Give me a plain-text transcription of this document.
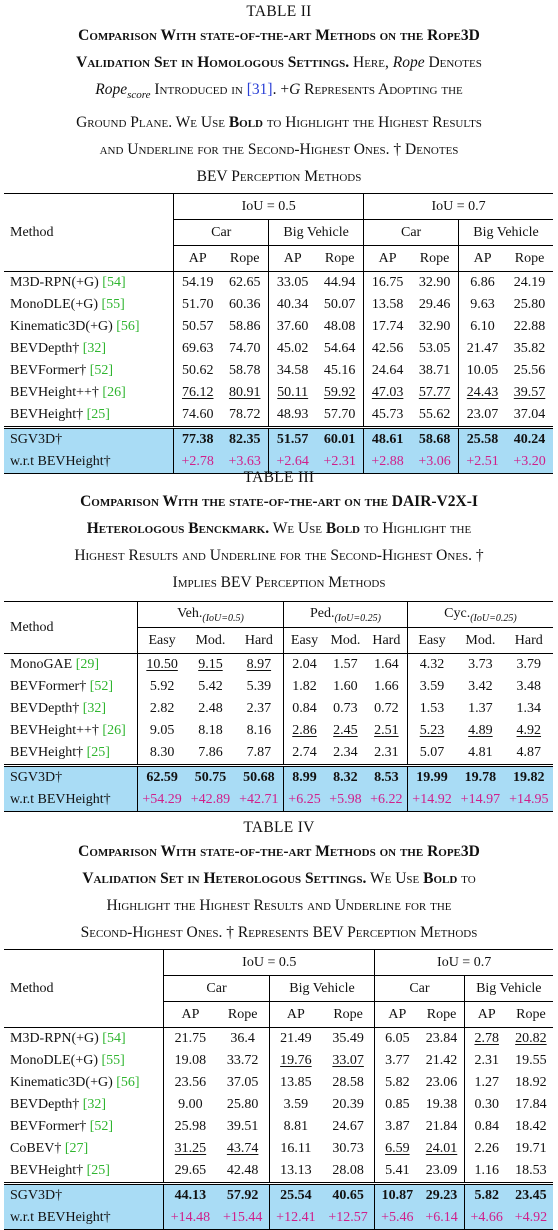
TABLE II
Comparison With state-of-the-art Methods on the Rope3D
Validation Set in Homologous Settings. Here, Rope Denotes
Rope$_{score}$ Introduced in [31]. +G Represents Adopting the
Ground Plane. We Use Bold to Highlight the Highest Results
and Underline for the Second-Highest Ones. † Denotes
BEV Perception Methods
Method	IoU = 0.5				IoU = 0.7			
	Car		Big Vehicle		Car		Big Vehicle	
	AP	Rope	AP	Rope	AP	Rope	AP	Rope
M3D-RPN(+G) [54]	54.19	62.65	33.05	44.94	16.75	32.90	6.86	24.19
MonoDLE(+G) [55]	51.70	60.36	40.34	50.07	13.58	29.46	9.63	25.80
Kinematic3D(+G) [56]	50.57	58.86	37.60	48.08	17.74	32.90	6.10	22.88
BEVDepth† [32]	69.63	74.70	45.02	54.64	42.56	53.05	21.47	35.82
BEVFormer† [52]	50.62	58.78	34.58	45.16	24.64	38.71	10.05	25.56
BEVHeight++† [26]	76.12	80.91	50.11	59.92	47.03	57.77	24.43	39.57
BEVHeight† [25]	74.60	78.72	48.93	57.70	45.73	55.62	23.07	37.04
SGV3D†	77.38	82.35	51.57	60.01	48.61	58.68	25.58	40.24
w.r.t BEVHeight†	+2.78	+3.63	+2.64	+2.31	+2.88	+3.06	+2.51	+3.20
TABLE III
Comparison With the state-of-the-art on the DAIR-V2X-I
Heterologous Benckmark. We Use Bold to Highlight the
Highest Results and Underline for the Second-Highest Ones. †
Implies BEV Perception Methods
Method	$Veh._{(IoU=0.5)}$			$Ped._{(IoU=0.25)}$			$Cyc._{(IoU=0.25)}$
	Easy	Mod.	Hard	Easy	Mod.	Hard	Easy	Mod.	Hard
MonoGAE [29]	10.50	9.15	8.97	2.04	1.57	1.64	4.32	3.73	3.79
BEVFormer† [52]	5.92	5.42	5.39	1.82	1.60	1.66	3.59	3.42	3.48
BEVDepth† [32]	2.82	2.48	2.37	0.84	0.73	0.72	1.53	1.37	1.34
BEVHeight++† [26]	9.05	8.18	8.16	2.86	2.45	2.51	5.23	4.89	4.92
BEVHeight† [25]	8.30	7.86	7.87	2.74	2.34	2.31	5.07	4.81	4.87
SGV3D†	62.59	50.75	50.68	8.99	8.32	8.53	19.99	19.78	19.82
w.r.t BEVHeight†	+54.29	+42.89	+42.71	+6.25	+5.98	+6.22	+14.92	+14.97	+14.95
TABLE IV
Comparison With state-of-the-art Methods on the Rope3D
Validation Set in Heterologous Settings. We Use Bold to
Highlight the Highest Results and Underline for the
Second-Highest Ones. † Represents BEV Perception Methods
Method	IoU = 0.5				IoU = 0.7			
	Car		Big Vehicle		Car		Big Vehicle	
	AP	Rope	AP	Rope	AP	Rope	AP	Rope
M3D-RPN(+G) [54]	21.75	36.4	21.49	35.49	6.05	23.84	2.78	20.82
MonoDLE(+G) [55]	19.08	33.72	19.76	33.07	3.77	21.42	2.31	19.55
Kinematic3D(+G) [56]	23.56	37.05	13.85	28.58	5.82	23.06	1.27	18.92
BEVDepth† [32]	9.00	25.80	3.59	20.39	0.85	19.38	0.30	17.84
BEVFormer† [52]	25.98	39.51	8.81	24.67	3.87	21.84	0.84	18.42
CoBEV† [27]	31.25	43.74	16.11	30.73	6.59	24.01	2.26	19.71
BEVHeight† [25]	29.65	42.48	13.13	28.08	5.41	23.09	1.16	18.53
SGV3D†	44.13	57.92	25.54	40.65	10.87	29.23	5.82	23.45
w.r.t BEVHeight†	+14.48	+15.44	+12.41	+12.57	+5.46	+6.14	+4.66	+4.92
